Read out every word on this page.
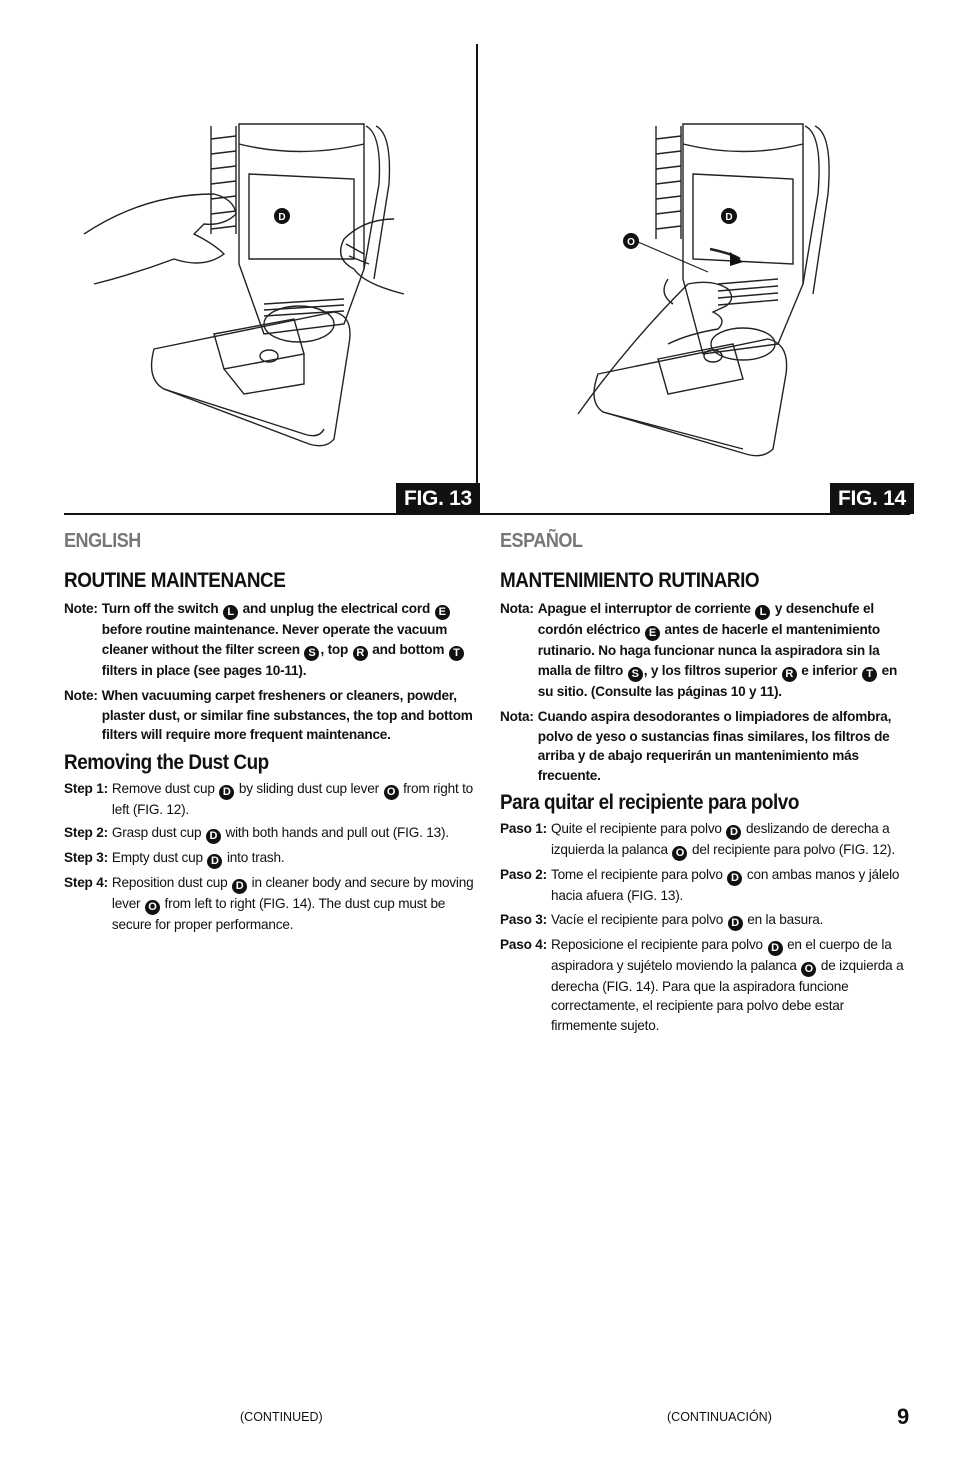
D	D
O
FIG. 13	FIG. 14
ENGLISH
ROUTINE MAINTENANCE
Note: Turn off the switch L and unplug the electrical cord E before routine maintenance. Never operate the vacuum cleaner without the filter screen S , top R and bottom T filters in place (see pages 10-11).
Note: When vacuuming carpet fresheners or cleaners, powder, plaster dust, or similar fine substances, the top and bottom filters will require more frequent maintenance.
Removing the Dust Cup
Step 1: Remove dust cup D by sliding dust cup lever O from right to left (FIG. 12).
Step 2: Grasp dust cup D with both hands and pull out (FIG. 13).
Step 3: Empty dust cup D into trash.
Step 4: Reposition dust cup D in cleaner body and secure by moving lever O from left to right (FIG. 14). The dust cup must be secure for proper performance.
ESPAÑOL
MANTENIMIENTO RUTINARIO
Nota: Apague el interruptor de corriente L y desenchufe el cordón eléctrico E antes de hacerle el mantenimiento rutinario. No haga funcionar nunca la aspiradora sin la malla de filtro S , y los filtros superior R e inferior T en su sitio. (Consulte las páginas 10 y 11).
Nota: Cuando aspira desodorantes o limpiadores de alfombra, polvo de yeso o sustancias finas similares, los filtros de arriba y de abajo requerirán un mantenimiento más frecuente.
Para quitar el recipiente para polvo
Paso 1: Quite el recipiente para polvo D deslizando de derecha a izquierda la palanca O del recipiente para polvo (FIG. 12).
Paso 2: Tome el recipiente para polvo D con ambas manos y jálelo hacia afuera (FIG. 13).
Paso 3: Vacíe el recipiente para polvo D en la basura.
Paso 4: Reposicione el recipiente para polvo D en el cuerpo de la aspiradora y sujételo moviendo la palanca O de izquierda a derecha (FIG. 14). Para que la aspiradora funcione correctamente, el recipiente para polvo debe estar firmemente sujeto.
(CONTINUED)	(CONTINUACIÓN)	9
